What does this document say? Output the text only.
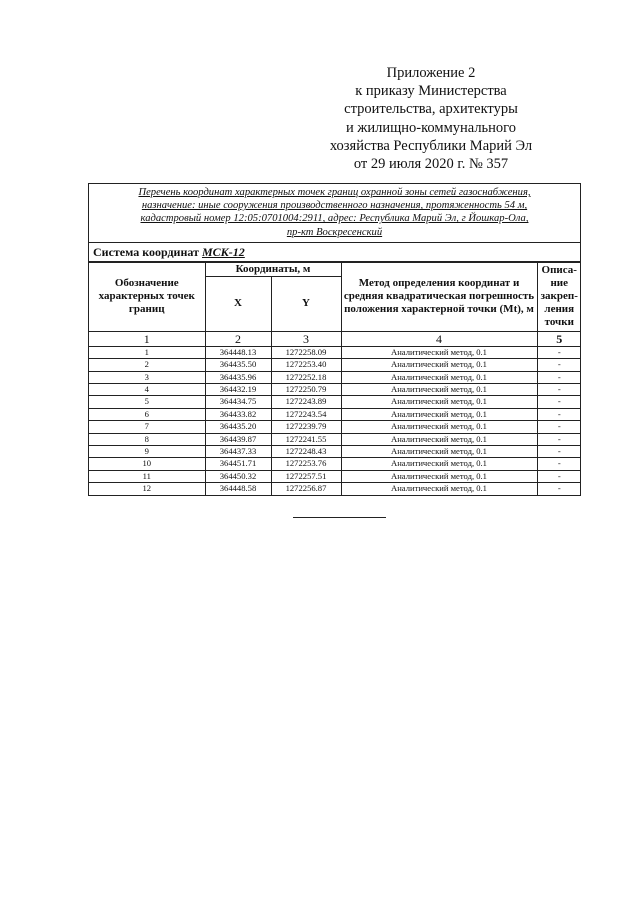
Приложение 2
к приказу Министерства
строительства, архитектуры
и жилищно-коммунального
хозяйства Республики Марий Эл
от 29 июля 2020 г. № 357
Перечень координат характерных точек границ охранной зоны сетей газоснабжения,
назначение: иные сооружения производственного назначения, протяженность 54 м,
кадастровый номер 12:05:0701004:2911, адрес: Республика Марий Эл, г Йошкар-Ола,
пр-кт Воскресенский
Система координат МСК-12
Обозначение характерных точек границ	Координаты, м		Метод определения координат и средняя квадратическая погрешность положения характерной точки (Mt), м	Описа-ние закреп-ления точки
	X	Y		
1	2	3	4	5
1	364448.13	1272258.09	Аналитический метод, 0.1	-
2	364435.50	1272253.40	Аналитический метод, 0.1	-
3	364435.96	1272252.18	Аналитический метод, 0.1	-
4	364432.19	1272250.79	Аналитический метод, 0.1	-
5	364434.75	1272243.89	Аналитический метод, 0.1	-
6	364433.82	1272243.54	Аналитический метод, 0.1	-
7	364435.20	1272239.79	Аналитический метод, 0.1	-
8	364439.87	1272241.55	Аналитический метод, 0.1	-
9	364437.33	1272248.43	Аналитический метод, 0.1	-
10	364451.71	1272253.76	Аналитический метод, 0.1	-
11	364450.32	1272257.51	Аналитический метод, 0.1	-
12	364448.58	1272256.87	Аналитический метод, 0.1	-
